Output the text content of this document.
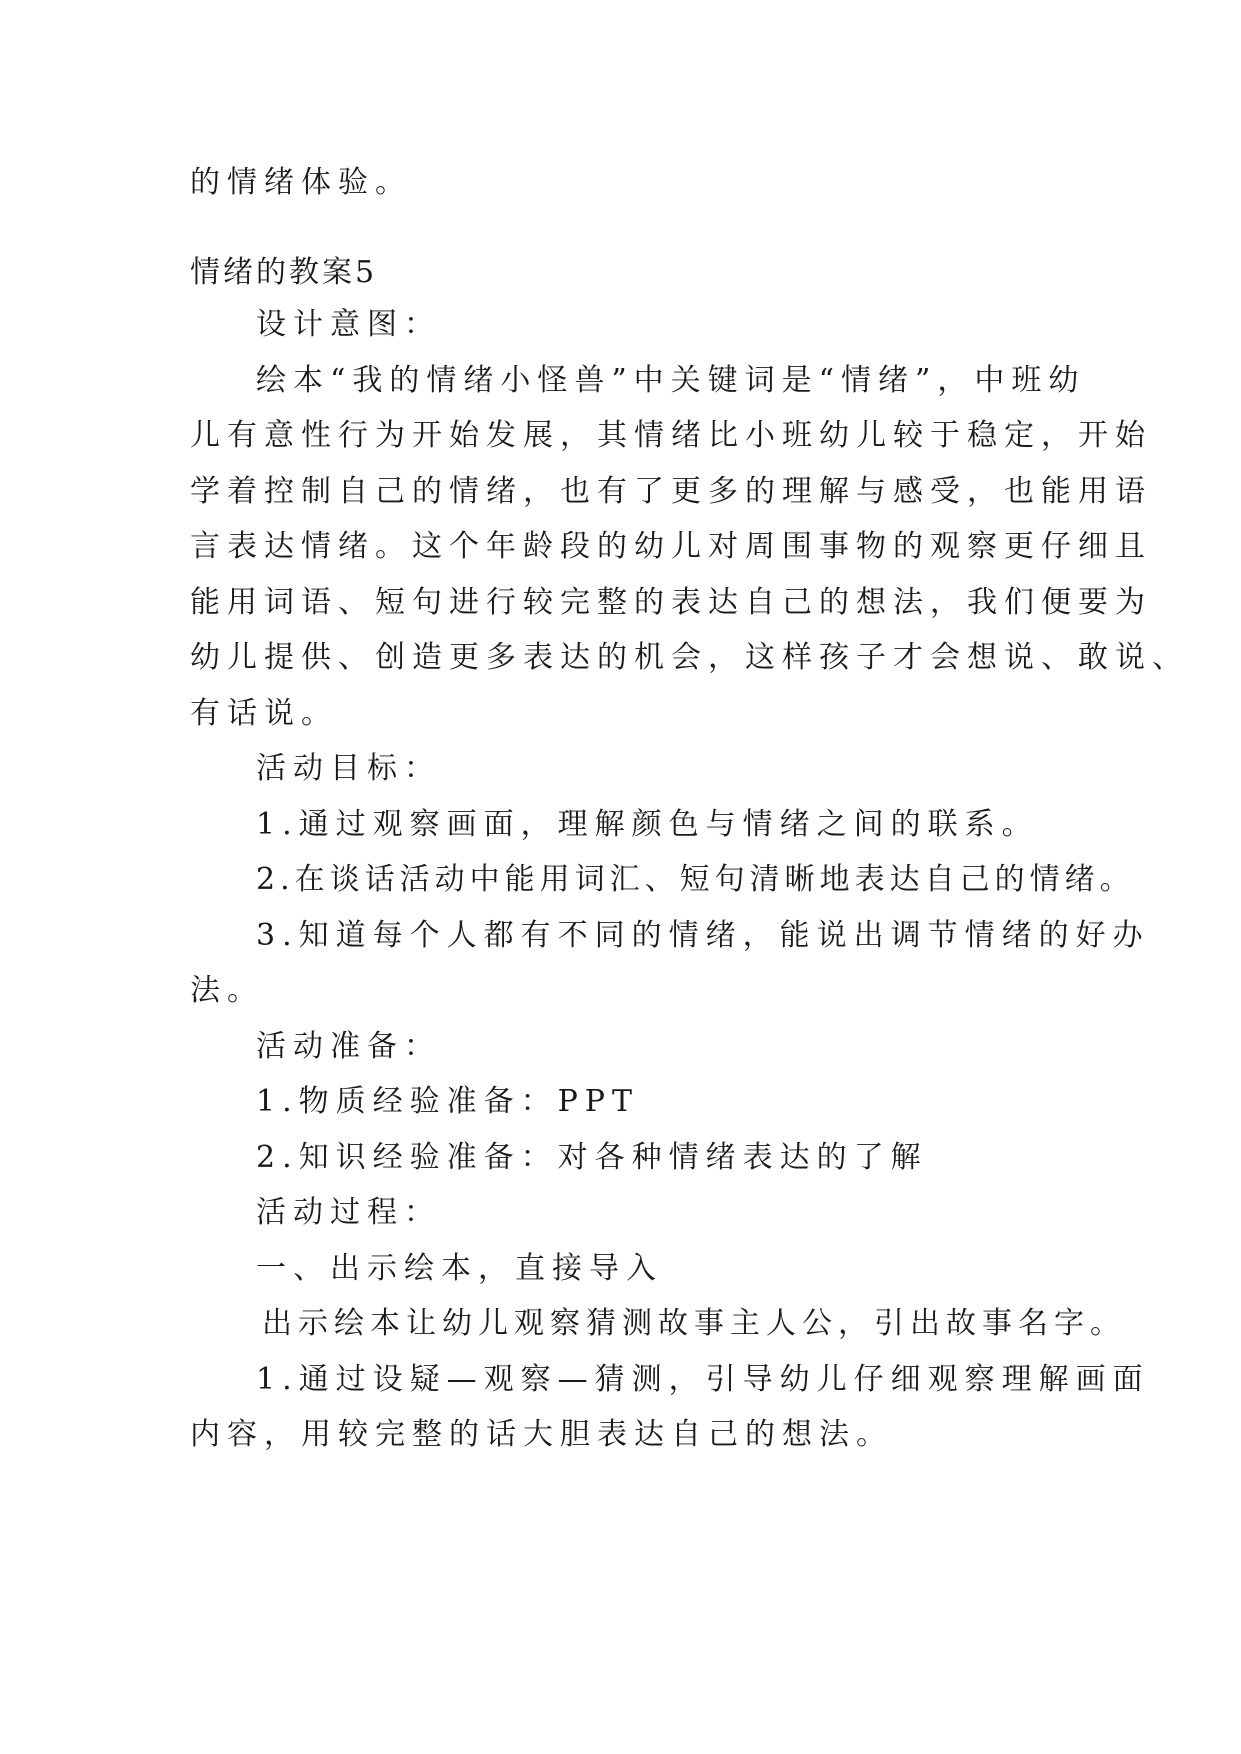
的情绪体验。

情绪的教案5

设计意图：

绘本“我的情绪小怪兽”中关键词是“情绪”，中班幼

儿有意性行为开始发展，其情绪比小班幼儿较于稳定，开始

学着控制自己的情绪，也有了更多的理解与感受，也能用语

言表达情绪。这个年龄段的幼儿对周围事物的观察更仔细且

能用词语、短句进行较完整的表达自己的想法，我们便要为

幼儿提供、创造更多表达的机会，这样孩子才会想说、敢说、

有话说。

活动目标：

1.通过观察画面，理解颜色与情绪之间的联系。

2.在谈话活动中能用词汇、短句清晰地表达自己的情绪。

3.知道每个人都有不同的情绪，能说出调节情绪的好办

法。

活动准备：

1.物质经验准备：PPT

2.知识经验准备：对各种情绪表达的了解

活动过程：

一、出示绘本，直接导入

出示绘本让幼儿观察猜测故事主人公，引出故事名字。

1.通过设疑—观察—猜测，引导幼儿仔细观察理解画面

内容，用较完整的话大胆表达自己的想法。
